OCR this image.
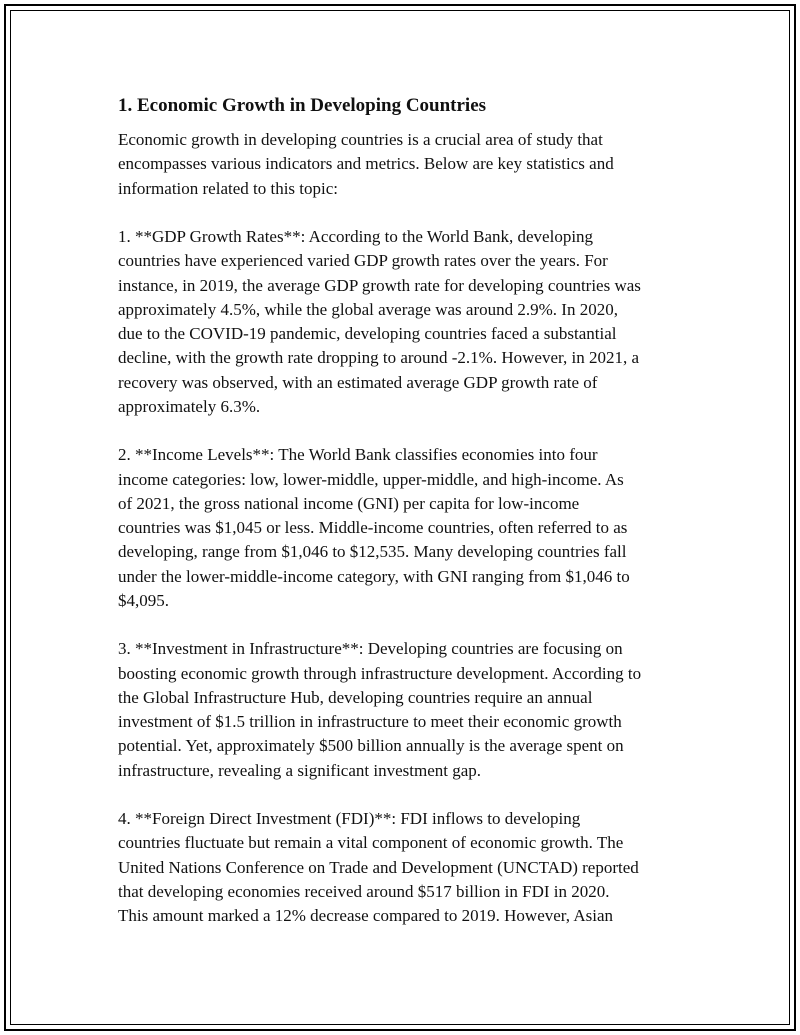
1. Economic Growth in Developing Countries

Economic growth in developing countries is a crucial area of study that
encompasses various indicators and metrics. Below are key statistics and
information related to this topic:

1. **GDP Growth Rates**: According to the World Bank, developing
countries have experienced varied GDP growth rates over the years. For
instance, in 2019, the average GDP growth rate for developing countries was
approximately 4.5%, while the global average was around 2.9%. In 2020,
due to the COVID-19 pandemic, developing countries faced a substantial
decline, with the growth rate dropping to around -2.1%. However, in 2021, a
recovery was observed, with an estimated average GDP growth rate of
approximately 6.3%.

2. **Income Levels**: The World Bank classifies economies into four
income categories: low, lower-middle, upper-middle, and high-income. As
of 2021, the gross national income (GNI) per capita for low-income
countries was $1,045 or less. Middle-income countries, often referred to as
developing, range from $1,046 to $12,535. Many developing countries fall
under the lower-middle-income category, with GNI ranging from $1,046 to
$4,095.

3. **Investment in Infrastructure**: Developing countries are focusing on
boosting economic growth through infrastructure development. According to
the Global Infrastructure Hub, developing countries require an annual
investment of $1.5 trillion in infrastructure to meet their economic growth
potential. Yet, approximately $500 billion annually is the average spent on
infrastructure, revealing a significant investment gap.

4. **Foreign Direct Investment (FDI)**: FDI inflows to developing
countries fluctuate but remain a vital component of economic growth. The
United Nations Conference on Trade and Development (UNCTAD) reported
that developing economies received around $517 billion in FDI in 2020.
This amount marked a 12% decrease compared to 2019. However, Asian
